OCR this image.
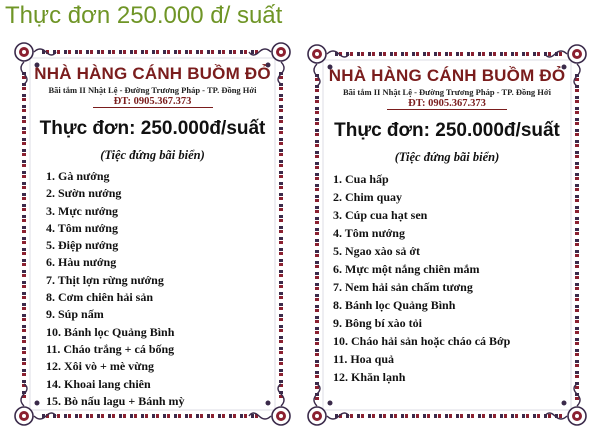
Thực đơn 250.000 đ/ suất
NHÀ HÀNG CÁNH BUỒM ĐỎ
Bãi tắm II Nhật Lệ - Đường Trương Pháp - TP. Đồng Hới
ĐT: 0905.367.373
Thực đơn: 250.000đ/suất
(Tiệc đứng bãi biển)
1. Gà nướng
2. Sườn nướng
3. Mực nướng
4. Tôm nướng
5. Điệp nướng
6. Hàu nướng
7. Thịt lợn rừng nướng
8. Cơm chiên hải sản
9. Súp nấm
10. Bánh lọc Quảng Bình
11. Cháo trắng + cá bống
12. Xôi vò + mè vừng
14. Khoai lang chiên
15. Bò nấu lagu + Bánh mỳ
NHÀ HÀNG CÁNH BUỒM ĐỎ
Bãi tắm II Nhật Lệ - Đường Trương Pháp - TP. Đồng Hới
ĐT: 0905.367.373
Thực đơn: 250.000đ/suất
(Tiệc đứng bãi biển)
1. Cua hấp
2. Chim quay
3. Cúp cua hạt sen
4. Tôm nướng
5. Ngao xào sả ớt
6. Mực một nắng chiên mắm
7. Nem hải sản chấm tương
8. Bánh lọc Quảng Bình
9. Bông bí xào tỏi
10. Cháo hải sản hoặc cháo cá Bớp
11. Hoa quả
12. Khăn lạnh
